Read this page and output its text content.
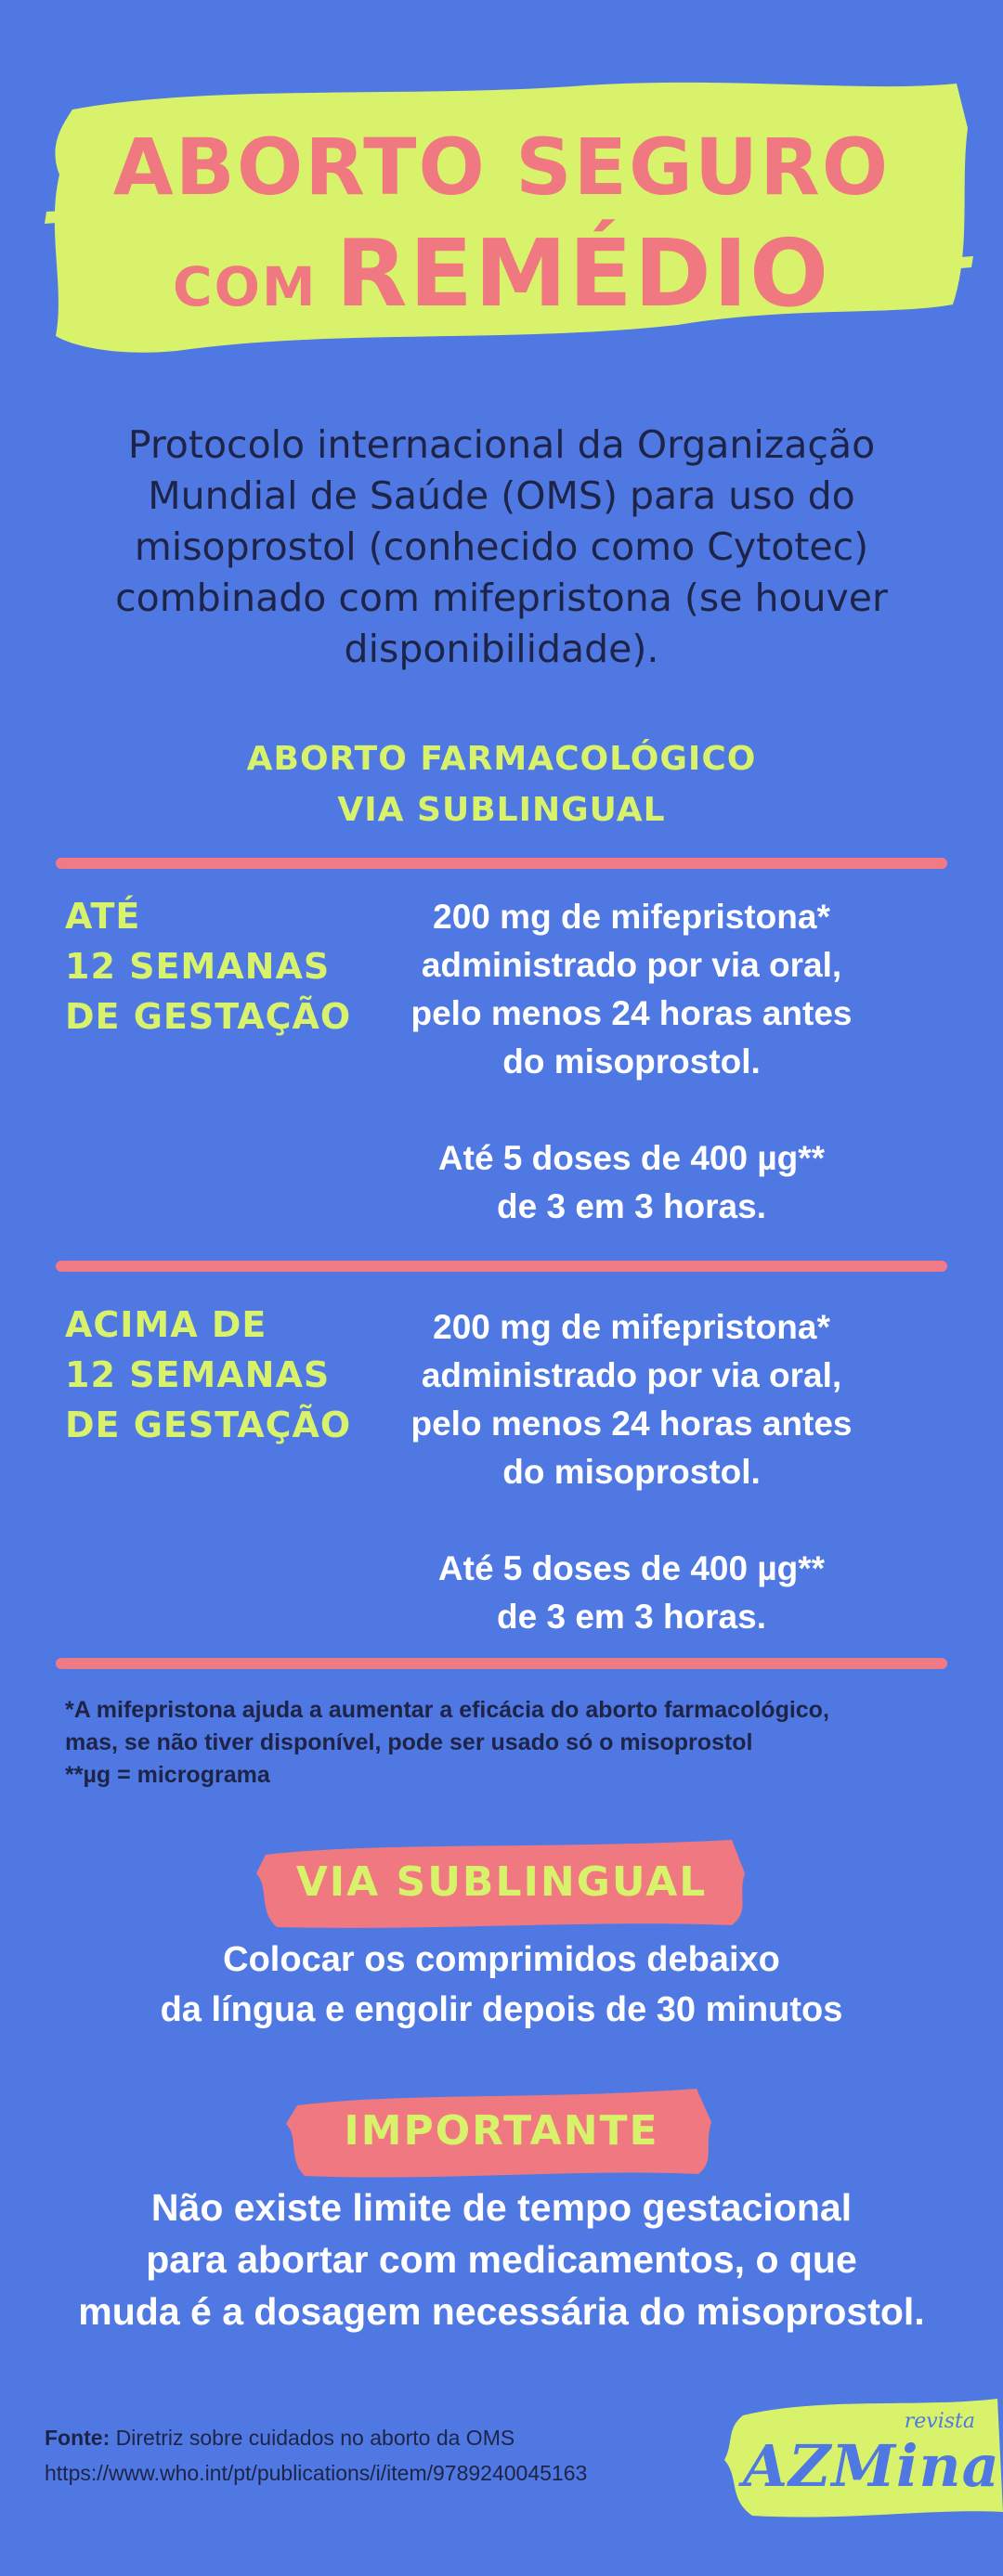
ABORTO SEGURO
COM REMÉDIO
Protocolo internacional da Organização Mundial de Saúde (OMS) para uso do misoprostol (conhecido como Cytotec) combinado com mifepristona (se houver disponibilidade).
ABORTO FARMACOLÓGICO
VIA SUBLINGUAL
ATÉ
12 SEMANAS
DE GESTAÇÃO
200 mg de mifepristona*
administrado por via oral,
pelo menos 24 horas antes
do misoprostol.
Até 5 doses de 400 µg**
de 3 em 3 horas.
ACIMA DE
12 SEMANAS
DE GESTAÇÃO
200 mg de mifepristona*
administrado por via oral,
pelo menos 24 horas antes
do misoprostol.
Até 5 doses de 400 µg**
de 3 em 3 horas.
*A mifepristona ajuda a aumentar a eficácia do aborto farmacológico,
mas, se não tiver disponível, pode ser usado só o misoprostol
**µg = micrograma
VIA SUBLINGUAL
Colocar os comprimidos debaixo
da língua e engolir depois de 30 minutos
IMPORTANTE
Não existe limite de tempo gestacional
para abortar com medicamentos, o que
muda é a dosagem necessária do misoprostol.
Fonte: Diretriz sobre cuidados no aborto da OMS
https://www.who.int/pt/publications/i/item/9789240045163
revista
AZMina
